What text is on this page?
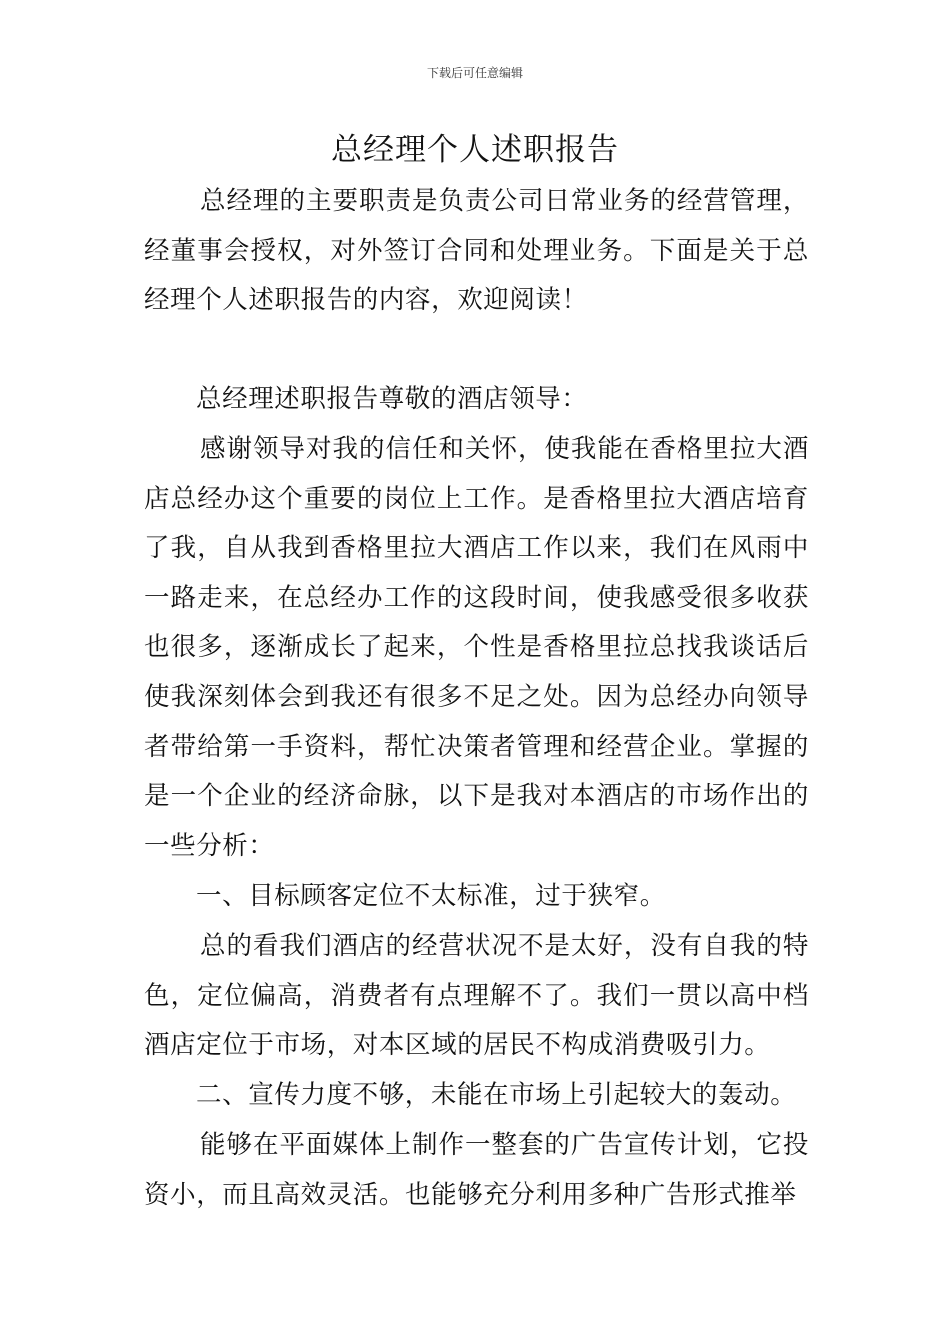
下载后可任意编辑
总经理个人述职报告

总经理的主要职责是负责公司日常业务的经营管理，经董事会授权，对外签订合同和处理业务。下面是关于总经理个人述职报告的内容，欢迎阅读！

总经理述职报告尊敬的酒店领导：

感谢领导对我的信任和关怀，使我能在香格里拉大酒店总经办这个重要的岗位上工作。是香格里拉大酒店培育了我，自从我到香格里拉大酒店工作以来，我们在风雨中一路走来，在总经办工作的这段时间，使我感受很多收获也很多，逐渐成长了起来，个性是香格里拉总找我谈话后使我深刻体会到我还有很多不足之处。因为总经办向领导者带给第一手资料，帮忙决策者管理和经营企业。掌握的是一个企业的经济命脉，以下是我对本酒店的市场作出的一些分析：

一、目标顾客定位不太标准，过于狭窄。

总的看我们酒店的经营状况不是太好，没有自我的特色，定位偏高，消费者有点理解不了。我们一贯以高中档酒店定位于市场，对本区域的居民不构成消费吸引力。

二、宣传力度不够，未能在市场上引起较大的轰动。

能够在平面媒体上制作一整套的广告宣传计划，它投资小，而且高效灵活。也能够充分利用多种广告形式推举
